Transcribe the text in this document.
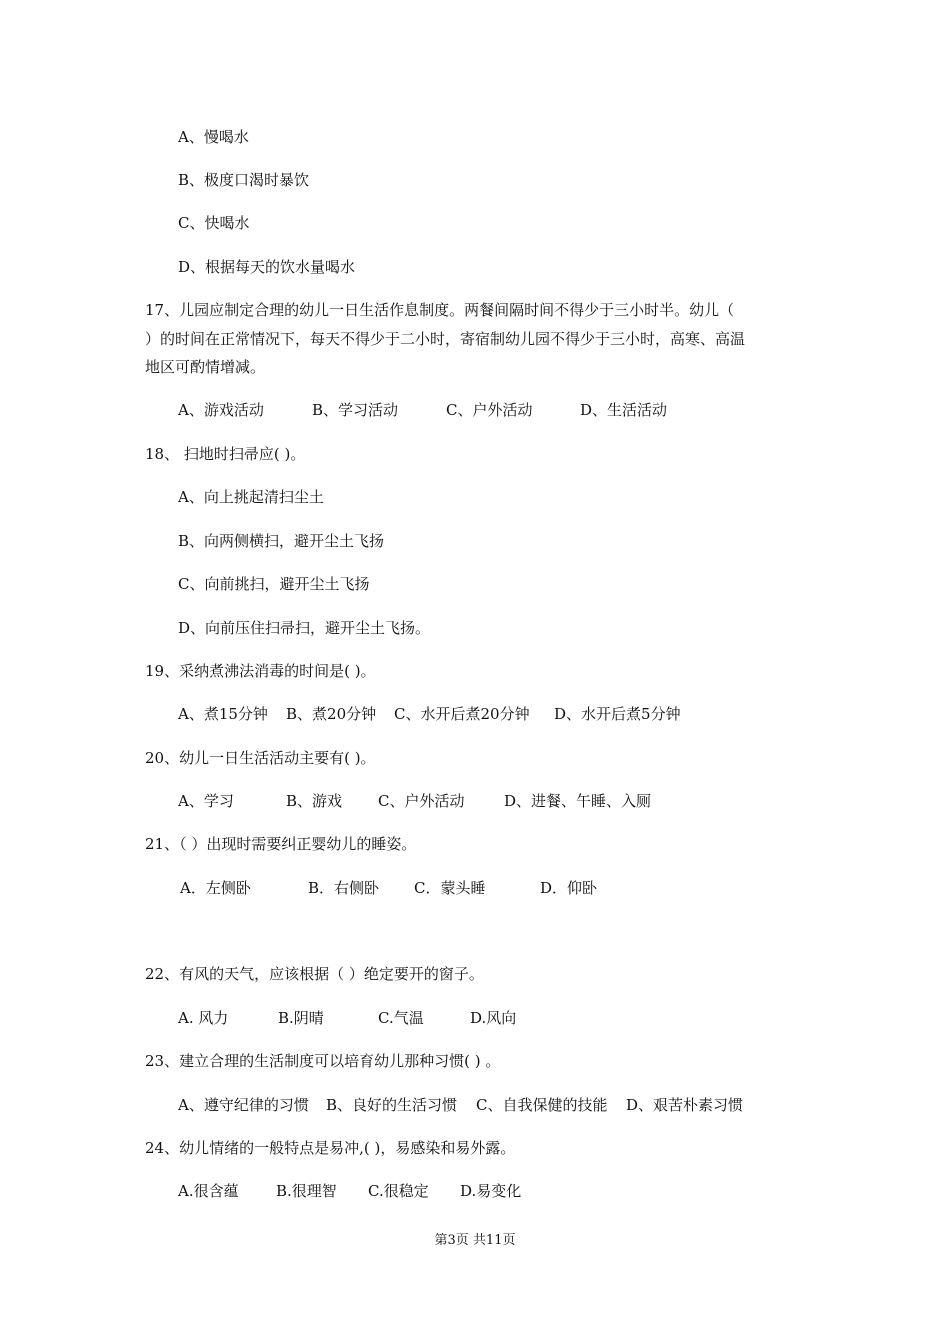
A、慢喝水
B、极度口渴时暴饮
C、快喝水
D、根据每天的饮水量喝水
17、儿园应制定合理的幼儿一日生活作息制度。两餐间隔时间不得少于三小时半。幼儿（
）的时间在正常情况下，每天不得少于二小时，寄宿制幼儿园不得少于三小时，高寒、高温
地区可酌情增减。
A、游戏活动	B、学习活动	C、户外活动	D、生活活动
18、 扫地时扫帚应( )。
A、向上挑起清扫尘土
B、向两侧横扫，避开尘土飞扬
C、向前挑扫，避开尘土飞扬
D、向前压住扫帚扫，避开尘土飞扬。
19、采纳煮沸法消毒的时间是( )。
A、煮15分钟 B、煮20分钟 C、水开后煮20分钟 D、水开后煮5分钟
20、幼儿一日生活活动主要有( )。
A、学习	B、游戏 C、户外活动	D、进餐、午睡、入厕
21、（ ）出现时需要纠正婴幼儿的睡姿。
A．左侧卧	B．右侧卧 C．蒙头睡	D．仰卧
22、有风的天气，应该根据（ ）绝定要开的窗子。
A. 风力	B.阴晴	C.气温	D.风向
23、建立合理的生活制度可以培育幼儿那种习惯( ) 。
A、遵守纪律的习惯 B、良好的生活习惯 C、自我保健的技能 D、艰苦朴素习惯
24、幼儿情绪的一般特点是易冲,( )，易感染和易外露。
A.很含蕴 B.很理智 C.很稳定 D.易变化
第3页 共11页
